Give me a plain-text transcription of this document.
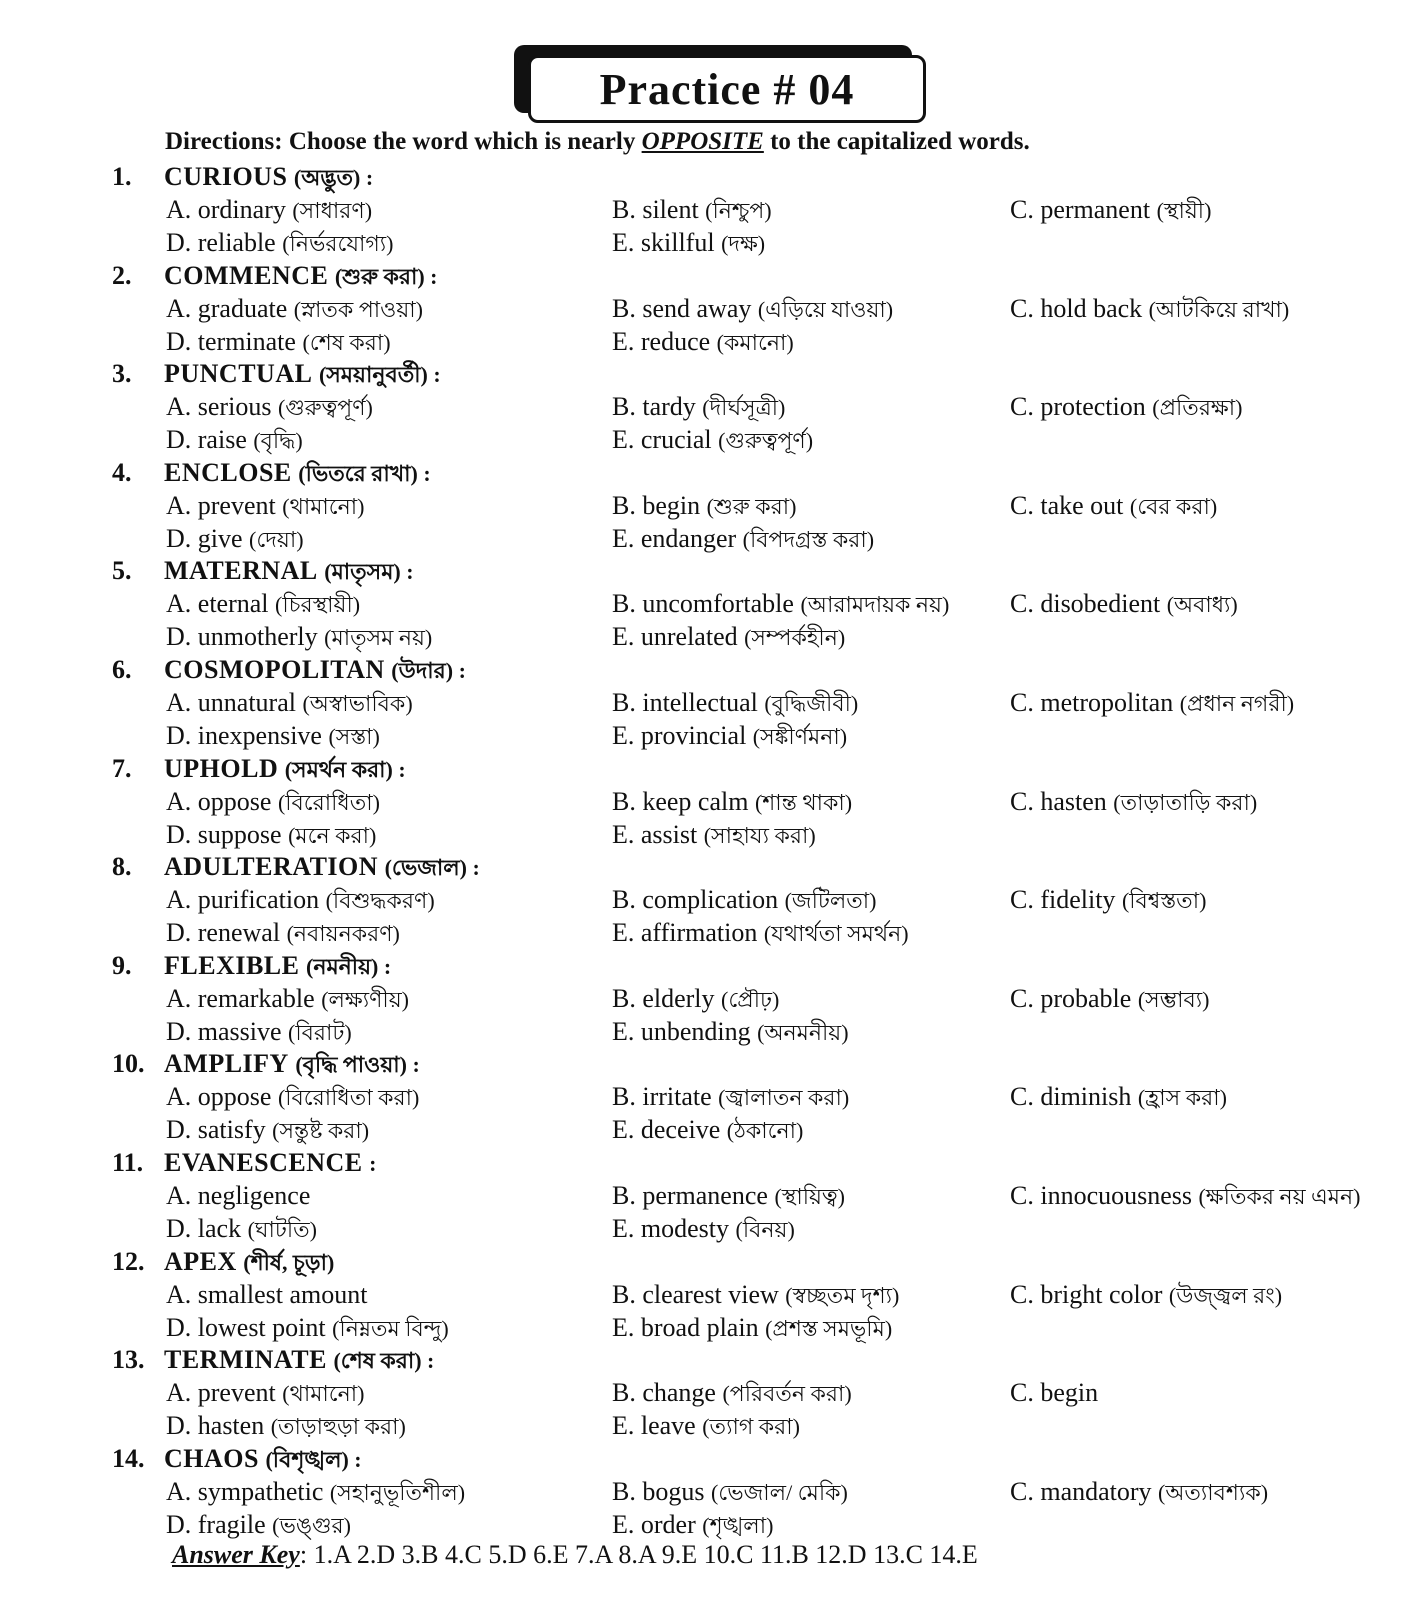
Practice # 04
Directions: Choose the word which is nearly OPPOSITE to the capitalized words.
1. CURIOUS (অদ্ভুত) :
A. ordinary (সাধারণ)	B. silent (নিশ্চুপ)	C. permanent (স্থায়ী)
D. reliable (নির্ভরযোগ্য)	E. skillful (দক্ষ)
2. COMMENCE (শুরু করা) :
A. graduate (স্নাতক পাওয়া)	B. send away (এড়িয়ে যাওয়া)	C. hold back (আটকিয়ে রাখা)
D. terminate (শেষ করা)	E. reduce (কমানো)
3. PUNCTUAL (সময়ানুবর্তী) :
A. serious (গুরুত্বপূর্ণ)	B. tardy (দীর্ঘসূত্রী)	C. protection (প্রতিরক্ষা)
D. raise (বৃদ্ধি)	E. crucial (গুরুত্বপূর্ণ)
4. ENCLOSE (ভিতরে রাখা) :
A. prevent (থামানো)	B. begin (শুরু করা)	C. take out (বের করা)
D. give (দেয়া)	E. endanger (বিপদগ্রস্ত করা)
5. MATERNAL (মাতৃসম) :
A. eternal (চিরস্থায়ী)	B. uncomfortable (আরামদায়ক নয়) C. disobedient (অবাধ্য)
D. unmotherly (মাতৃসম নয়)	E. unrelated (সম্পর্কহীন)
6. COSMOPOLITAN (উদার) :
A. unnatural (অস্বাভাবিক)	B. intellectual (বুদ্ধিজীবী)	C. metropolitan (প্রধান নগরী)
D. inexpensive (সস্তা)	E. provincial (সঙ্কীর্ণমনা)
7. UPHOLD (সমর্থন করা) :
A. oppose (বিরোধিতা)	B. keep calm (শান্ত থাকা)	C. hasten (তাড়াতাড়ি করা)
D. suppose (মনে করা)	E. assist (সাহায্য করা)
8. ADULTERATION (ভেজাল) :
A. purification (বিশুদ্ধকরণ)	B. complication (জটিলতা)	C. fidelity (বিশ্বস্ততা)
D. renewal (নবায়নকরণ)	E. affirmation (যথার্থতা সমর্থন)
9. FLEXIBLE (নমনীয়) :
A. remarkable (লক্ষ্যণীয়)	B. elderly (প্রৌঢ়)	C. probable (সম্ভাব্য)
D. massive (বিরাট)	E. unbending (অনমনীয়)
10. AMPLIFY (বৃদ্ধি পাওয়া) :
A. oppose (বিরোধিতা করা)	B. irritate (জ্বালাতন করা)	C. diminish (হ্রাস করা)
D. satisfy (সন্তুষ্ট করা)	E. deceive (ঠকানো)
11. EVANESCENCE :
A. negligence	B. permanence (স্থায়িত্ব)	C. innocuousness (ক্ষতিকর নয় এমন)
D. lack (ঘাটতি)	E. modesty (বিনয়)
12. APEX (শীর্ষ, চূড়া)
A. smallest amount	B. clearest view (স্বচ্ছতম দৃশ্য)	C. bright color (উজ্জ্বল রং)
D. lowest point (নিম্নতম বিন্দু)	E. broad plain (প্রশস্ত সমভূমি)
13. TERMINATE (শেষ করা) :
A. prevent (থামানো)	B. change (পরিবর্তন করা)	C. begin
D. hasten (তাড়াহুড়া করা)	E. leave (ত্যাগ করা)
14. CHAOS (বিশৃঙ্খল) :
A. sympathetic (সহানুভূতিশীল)	B. bogus (ভেজাল/ মেকি)	C. mandatory (অত্যাবশ্যক)
D. fragile (ভঙ্গুর)	E. order (শৃঙ্খলা)
Answer Key: 1.A 2.D 3.B 4.C 5.D 6.E 7.A 8.A 9.E 10.C 11.B 12.D 13.C 14.E
